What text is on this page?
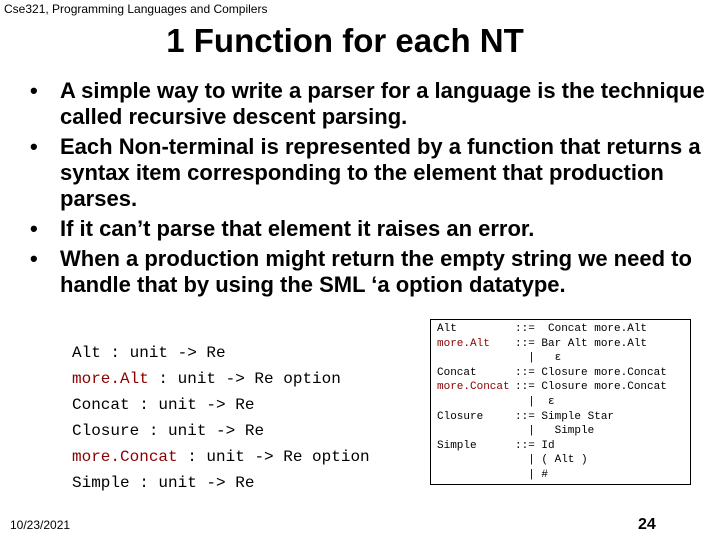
Cse321, Programming Languages and Compilers
1 Function for each NT
• A simple way to write a parser for a language is the technique called recursive descent parsing.
• Each Non-terminal is represented by a function that returns a syntax item corresponding to the element that production parses.
• If it can’t parse that element it raises an error.
• When a production might return the empty string we need to handle that by using the SML ‘a option datatype.
Alt : unit -> Re
more.Alt : unit -> Re option
Concat : unit -> Re
Closure : unit -> Re
more.Concat : unit -> Re option
Simple : unit -> Re
Alt	::=  Concat more.Alt
more.Alt ::= Bar Alt more.Alt
|   ε
Concat	::= Closure more.Concat
more.Concat ::= Closure more.Concat
|  ε
Closure	::= Simple Star
|   Simple
Simple	::= Id
| ( Alt )
| #
10/23/2021	24
